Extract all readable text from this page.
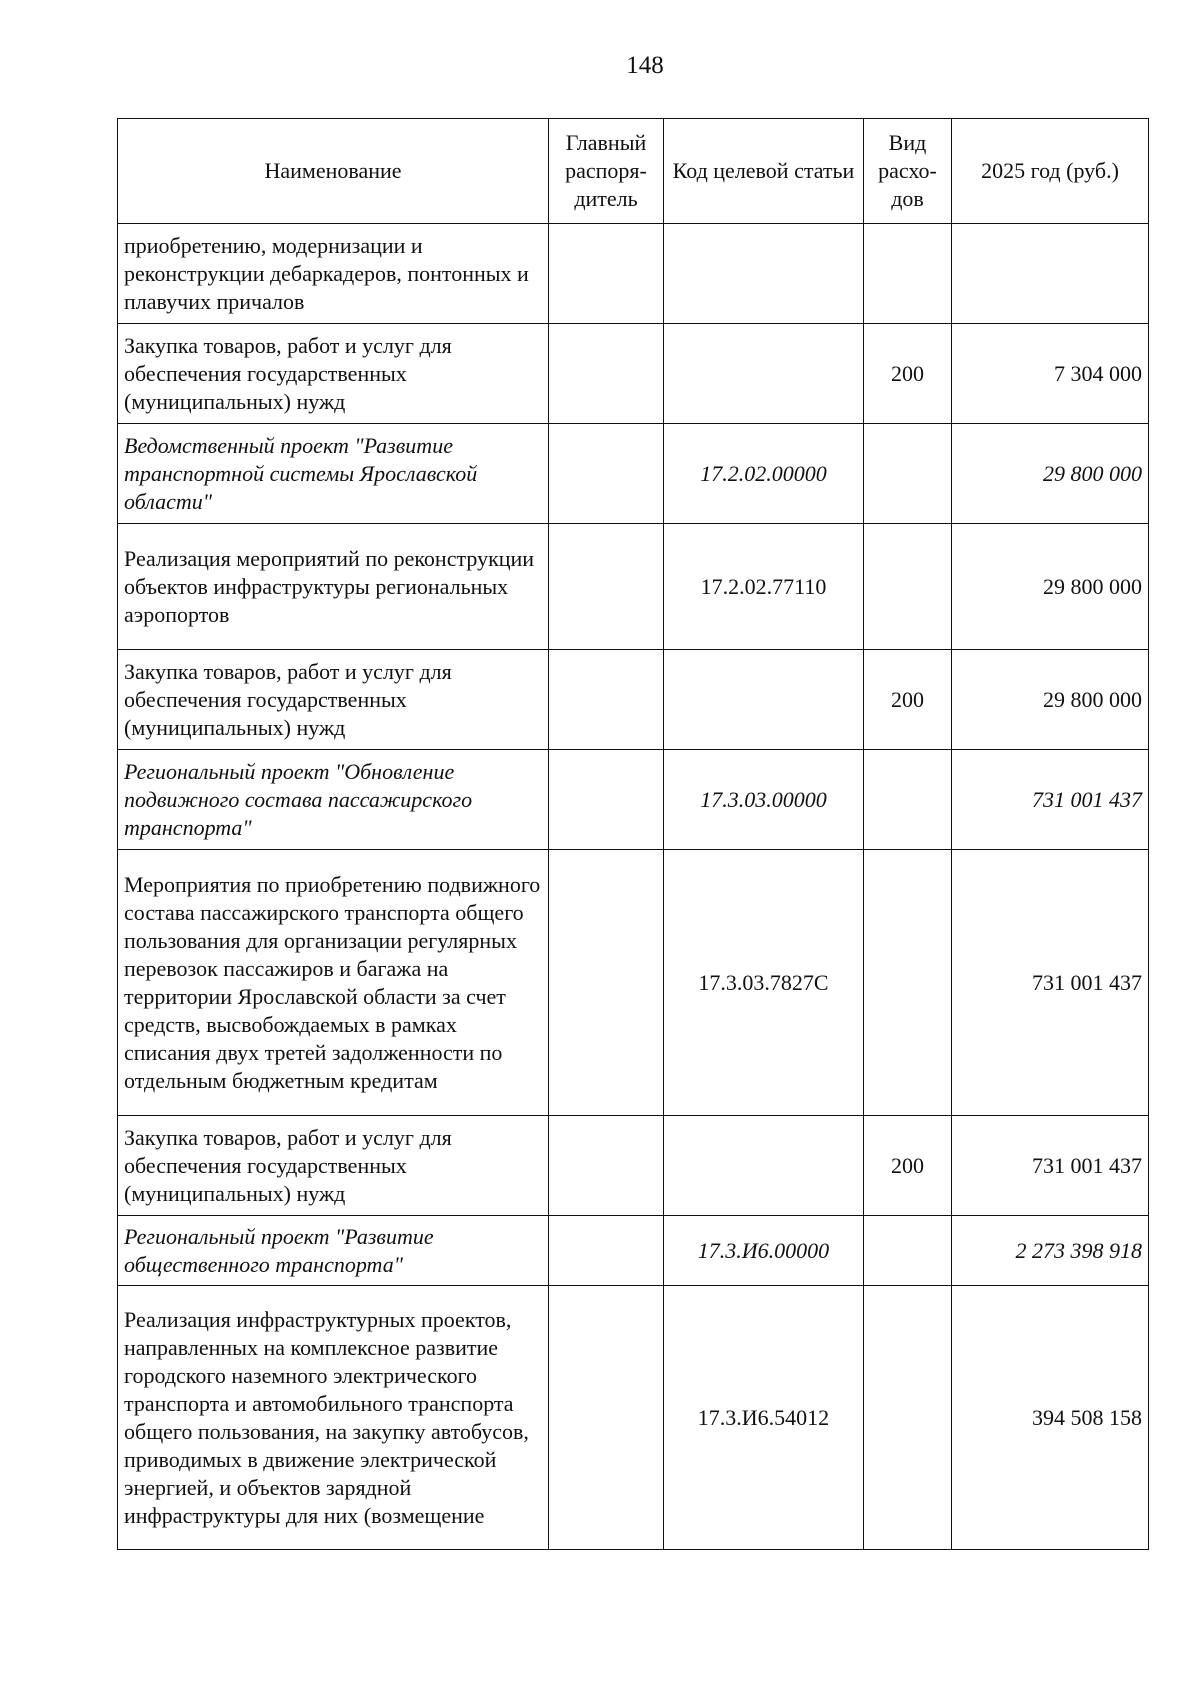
148
Наименование	Главный распоря-дитель	Код целевой статьи	Вид расхо-дов	2025 год (руб.)
приобретению, модернизации и реконструкции дебаркадеров, понтонных и плавучих причалов				
Закупка товаров, работ и услуг для обеспечения государственных (муниципальных) нужд			200	7 304 000
Ведомственный проект "Развитие транспортной системы Ярославской области"		17.2.02.00000		29 800 000
Реализация мероприятий по реконструкции объектов инфраструктуры региональных аэропортов		17.2.02.77110		29 800 000
Закупка товаров, работ и услуг для обеспечения государственных (муниципальных) нужд			200	29 800 000
Региональный проект "Обновление подвижного состава пассажирского транспорта"		17.3.03.00000		731 001 437
Мероприятия по приобретению подвижного состава пассажирского транспорта общего пользования для организации регулярных перевозок пассажиров и багажа на территории Ярославской области за счет средств, высвобождаемых в рамках списания двух третей задолженности по отдельным бюджетным кредитам		17.3.03.7827С		731 001 437
Закупка товаров, работ и услуг для обеспечения государственных (муниципальных) нужд			200	731 001 437
Региональный проект "Развитие общественного транспорта"		17.3.И6.00000		2 273 398 918
Реализация инфраструктурных проектов, направленных на комплексное развитие городского наземного электрического транспорта и автомобильного транспорта общего пользования, на закупку автобусов, приводимых в движение электрической энергией, и объектов зарядной инфраструктуры для них (возмещение		17.3.И6.54012		394 508 158
